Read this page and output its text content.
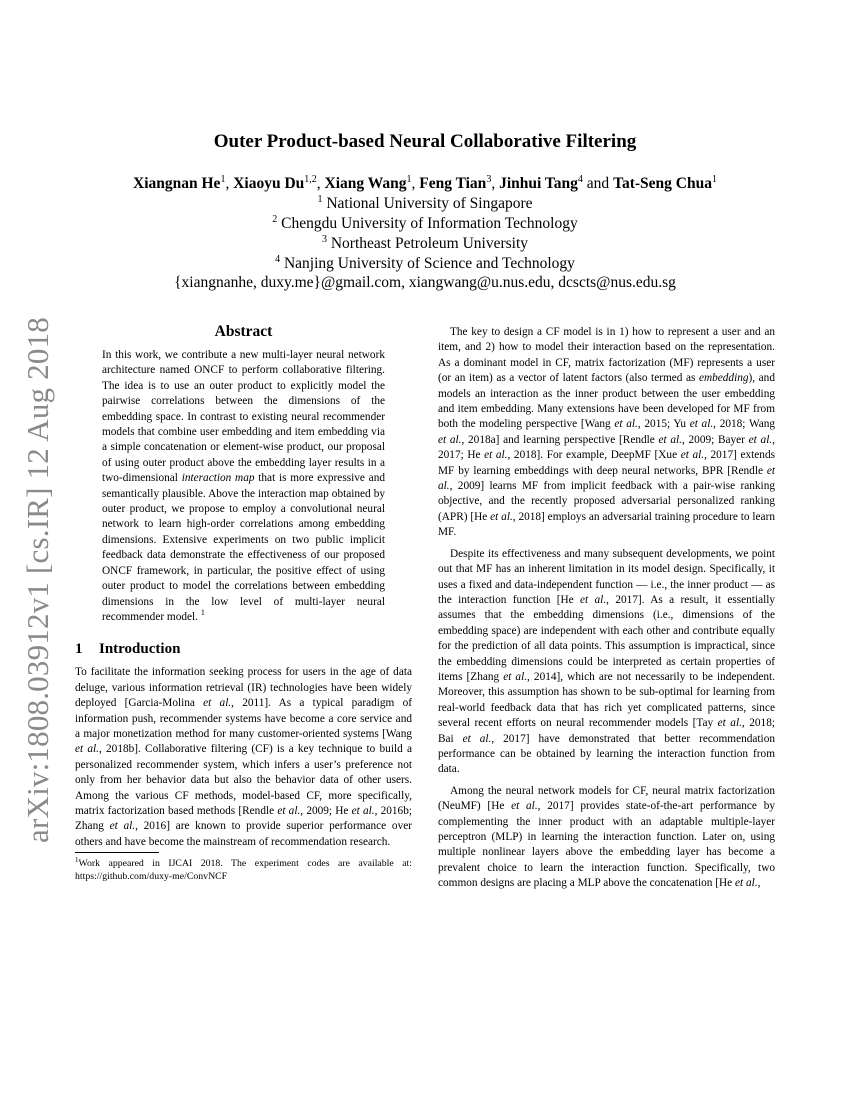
arXiv:1808.03912v1 [cs.IR] 12 Aug 2018
Outer Product-based Neural Collaborative Filtering
Xiangnan He$^1$, Xiaoyu Du$^{1,2}$, Xiang Wang$^1$, Feng Tian$^3$, Jinhui Tang$^4$ and Tat-Seng Chua$^1$
$^1$ National University of Singapore
$^2$ Chengdu University of Information Technology
$^3$ Northeast Petroleum University
$^4$ Nanjing University of Science and Technology
{xiangnanhe, duxy.me}@gmail.com, xiangwang@u.nus.edu, dcscts@nus.edu.sg
Abstract
In this work, we contribute a new multi-layer neural network architecture named ONCF to perform collaborative filtering. The idea is to use an outer product to explicitly model the pairwise correlations between the dimensions of the embedding space. In contrast to existing neural recommender models that combine user embedding and item embedding via a simple concatenation or element-wise product, our proposal of using outer product above the embedding layer results in a two-dimensional interaction map that is more expressive and semantically plausible. Above the interaction map obtained by outer product, we propose to employ a convolutional neural network to learn high-order correlations among embedding dimensions. Extensive experiments on two public implicit feedback data demonstrate the effectiveness of our proposed ONCF framework, in particular, the positive effect of using outer product to model the correlations between embedding dimensions in the low level of multi-layer neural recommender model. $^1$
1 Introduction

To facilitate the information seeking process for users in the age of data deluge, various information retrieval (IR) technologies have been widely deployed [Garcia-Molina et al., 2011]. As a typical paradigm of information push, recommender systems have become a core service and a major monetization method for many customer-oriented systems [Wang et al., 2018b]. Collaborative filtering (CF) is a key technique to build a personalized recommender system, which infers a user’s preference not only from her behavior data but also the behavior data of other users. Among the various CF methods, model-based CF, more specifically, matrix factorization based methods [Rendle et al., 2009; He et al., 2016b; Zhang et al., 2016] are known to provide superior performance over others and have become the mainstream of recommendation research.

$^1$Work appeared in IJCAI 2018. The experiment codes are available at: https://github.com/duxy-me/ConvNCF

The key to design a CF model is in 1) how to represent a user and an item, and 2) how to model their interaction based on the representation. As a dominant model in CF, matrix factorization (MF) represents a user (or an item) as a vector of latent factors (also termed as embedding), and models an interaction as the inner product between the user embedding and item embedding. Many extensions have been developed for MF from both the modeling perspective [Wang et al., 2015; Yu et al., 2018; Wang et al., 2018a] and learning perspective [Rendle et al., 2009; Bayer et al., 2017; He et al., 2018]. For example, DeepMF [Xue et al., 2017] extends MF by learning embeddings with deep neural networks, BPR [Rendle et al., 2009] learns MF from implicit feedback with a pair-wise ranking objective, and the recently proposed adversarial personalized ranking (APR) [He et al., 2018] employs an adversarial training procedure to learn MF.

Despite its effectiveness and many subsequent developments, we point out that MF has an inherent limitation in its model design. Specifically, it uses a fixed and data-independent function — i.e., the inner product — as the interaction function [He et al., 2017]. As a result, it essentially assumes that the embedding dimensions (i.e., dimensions of the embedding space) are independent with each other and contribute equally for the prediction of all data points. This assumption is impractical, since the embedding dimensions could be interpreted as certain properties of items [Zhang et al., 2014], which are not necessarily to be independent. Moreover, this assumption has shown to be sub-optimal for learning from real-world feedback data that has rich yet complicated patterns, since several recent efforts on neural recommender models [Tay et al., 2018; Bai et al., 2017] have demonstrated that better recommendation performance can be obtained by learning the interaction function from data.

Among the neural network models for CF, neural matrix factorization (NeuMF) [He et al., 2017] provides state-of-the-art performance by complementing the inner product with an adaptable multiple-layer perceptron (MLP) in learning the interaction function. Later on, using multiple nonlinear layers above the embedding layer has become a prevalent choice to learn the interaction function. Specifically, two common designs are placing a MLP above the concatenation [He et al.,
